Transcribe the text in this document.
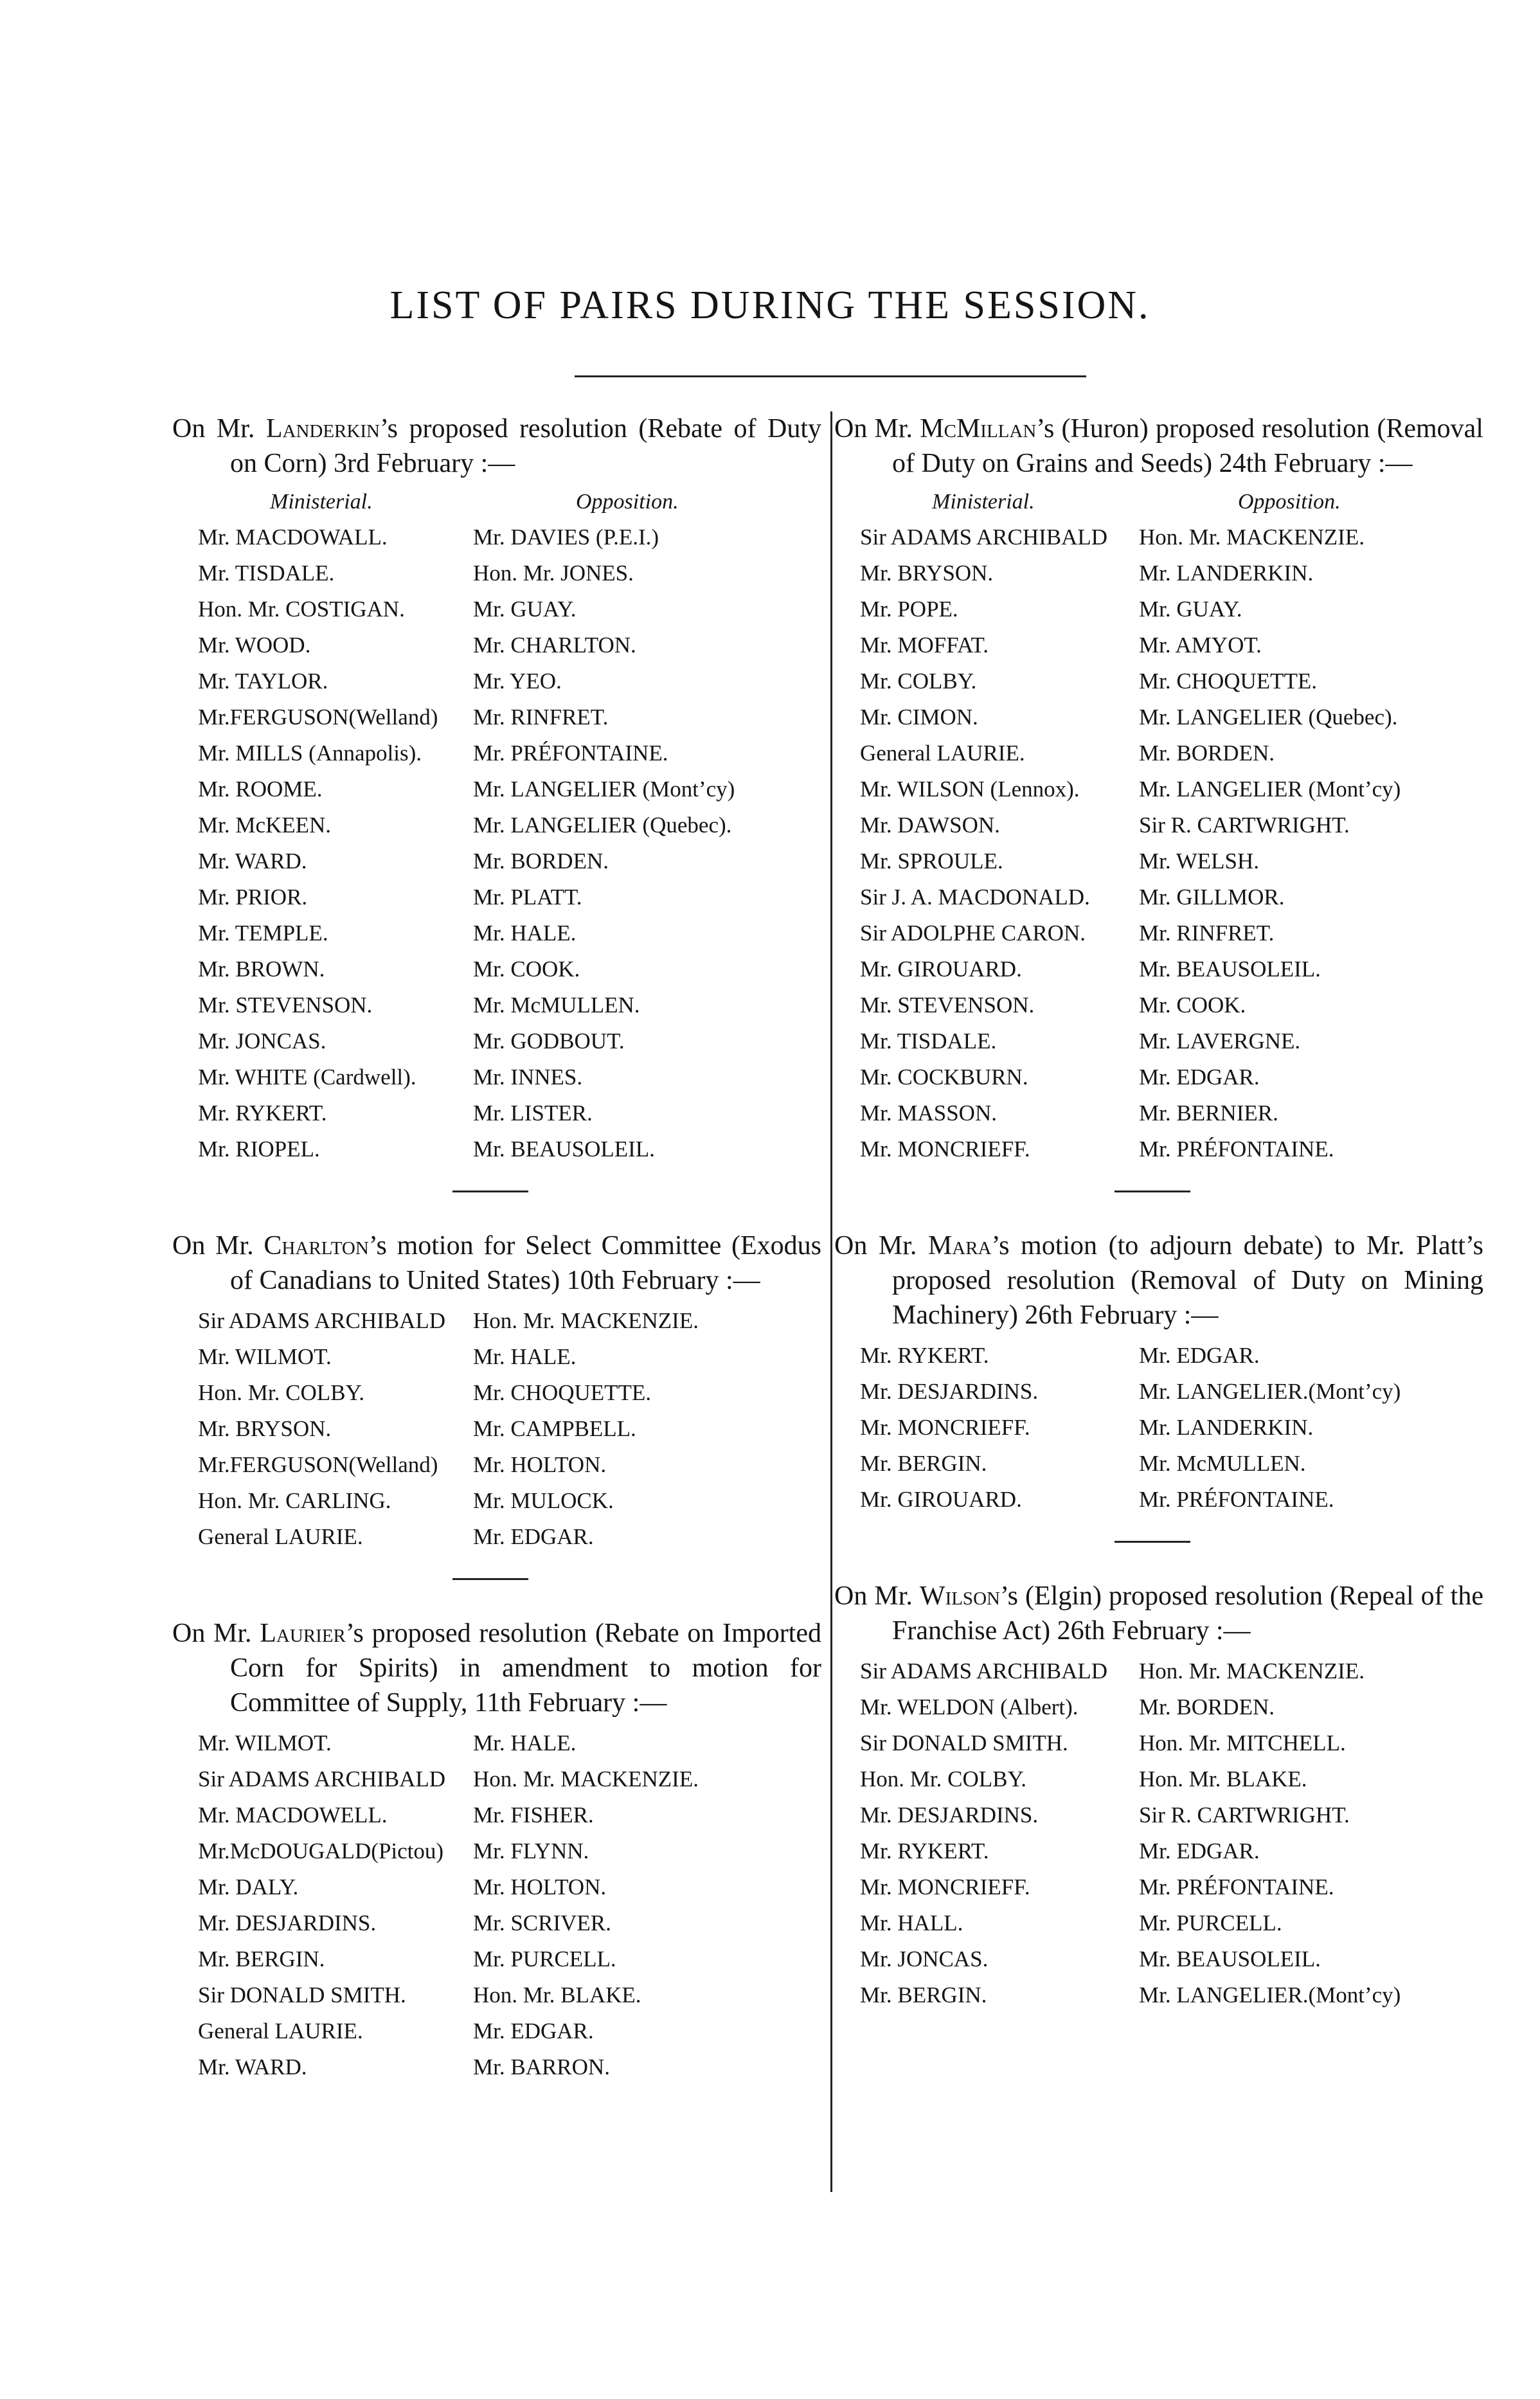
LIST OF PAIRS DURING THE SESSION.

On Mr. Landerkin’s proposed resolution (Rebate of Duty on Corn) 3rd February :—

Ministerial.	Opposition.
Mr. MACDOWALL.	Mr. DAVIES (P.E.I.)
Mr. TISDALE.	Hon. Mr. JONES.
Hon. Mr. COSTIGAN.	Mr. GUAY.
Mr. WOOD.	Mr. CHARLTON.
Mr. TAYLOR.	Mr. YEO.
Mr.FERGUSON(Welland)	Mr. RINFRET.
Mr. MILLS (Annapolis).	Mr. PRÉFONTAINE.
Mr. ROOME.	Mr. LANGELIER (Mont’cy)
Mr. McKEEN.	Mr. LANGELIER (Quebec).
Mr. WARD.	Mr. BORDEN.
Mr. PRIOR.	Mr. PLATT.
Mr. TEMPLE.	Mr. HALE.
Mr. BROWN.	Mr. COOK.
Mr. STEVENSON.	Mr. McMULLEN.
Mr. JONCAS.	Mr. GODBOUT.
Mr. WHITE (Cardwell).	Mr. INNES.
Mr. RYKERT.	Mr. LISTER.
Mr. RIOPEL.	Mr. BEAUSOLEIL.

On Mr. Charlton’s motion for Select Committee (Exodus of Canadians to United States) 10th February :—

Sir ADAMS ARCHIBALD	Hon. Mr. MACKENZIE.
Mr. WILMOT.	Mr. HALE.
Hon. Mr. COLBY.	Mr. CHOQUETTE.
Mr. BRYSON.	Mr. CAMPBELL.
Mr.FERGUSON(Welland)	Mr. HOLTON.
Hon. Mr. CARLING.	Mr. MULOCK.
General LAURIE.	Mr. EDGAR.

On Mr. Laurier’s proposed resolution (Rebate on Imported Corn for Spirits) in amendment to motion for Committee of Supply, 11th February :—

Mr. WILMOT.	Mr. HALE.
Sir ADAMS ARCHIBALD	Hon. Mr. MACKENZIE.
Mr. MACDOWELL.	Mr. FISHER.
Mr.McDOUGALD(Pictou)	Mr. FLYNN.
Mr. DALY.	Mr. HOLTON.
Mr. DESJARDINS.	Mr. SCRIVER.
Mr. BERGIN.	Mr. PURCELL.
Sir DONALD SMITH.	Hon. Mr. BLAKE.
General LAURIE.	Mr. EDGAR.
Mr. WARD.	Mr. BARRON.

On Mr. McMillan’s (Huron) proposed resolution (Removal of Duty on Grains and Seeds) 24th February :—

Ministerial.	Opposition.
Sir ADAMS ARCHIBALD	Hon. Mr. MACKENZIE.
Mr. BRYSON.	Mr. LANDERKIN.
Mr. POPE.	Mr. GUAY.
Mr. MOFFAT.	Mr. AMYOT.
Mr. COLBY.	Mr. CHOQUETTE.
Mr. CIMON.	Mr. LANGELIER (Quebec).
General LAURIE.	Mr. BORDEN.
Mr. WILSON (Lennox).	Mr. LANGELIER (Mont’cy)
Mr. DAWSON.	Sir R. CARTWRIGHT.
Mr. SPROULE.	Mr. WELSH.
Sir J. A. MACDONALD.	Mr. GILLMOR.
Sir ADOLPHE CARON.	Mr. RINFRET.
Mr. GIROUARD.	Mr. BEAUSOLEIL.
Mr. STEVENSON.	Mr. COOK.
Mr. TISDALE.	Mr. LAVERGNE.
Mr. COCKBURN.	Mr. EDGAR.
Mr. MASSON.	Mr. BERNIER.
Mr. MONCRIEFF.	Mr. PRÉFONTAINE.

On Mr. Mara’s motion (to adjourn debate) to Mr. Platt’s proposed resolution (Removal of Duty on Mining Machinery) 26th February :—

Mr. RYKERT.	Mr. EDGAR.
Mr. DESJARDINS.	Mr. LANGELIER.(Mont’cy)
Mr. MONCRIEFF.	Mr. LANDERKIN.
Mr. BERGIN.	Mr. McMULLEN.
Mr. GIROUARD.	Mr. PRÉFONTAINE.

On Mr. Wilson’s (Elgin) proposed resolution (Repeal of the Franchise Act) 26th February :—

Sir ADAMS ARCHIBALD	Hon. Mr. MACKENZIE.
Mr. WELDON (Albert).	Mr. BORDEN.
Sir DONALD SMITH.	Hon. Mr. MITCHELL.
Hon. Mr. COLBY.	Hon. Mr. BLAKE.
Mr. DESJARDINS.	Sir R. CARTWRIGHT.
Mr. RYKERT.	Mr. EDGAR.
Mr. MONCRIEFF.	Mr. PRÉFONTAINE.
Mr. HALL.	Mr. PURCELL.
Mr. JONCAS.	Mr. BEAUSOLEIL.
Mr. BERGIN.	Mr. LANGELIER.(Mont’cy)
